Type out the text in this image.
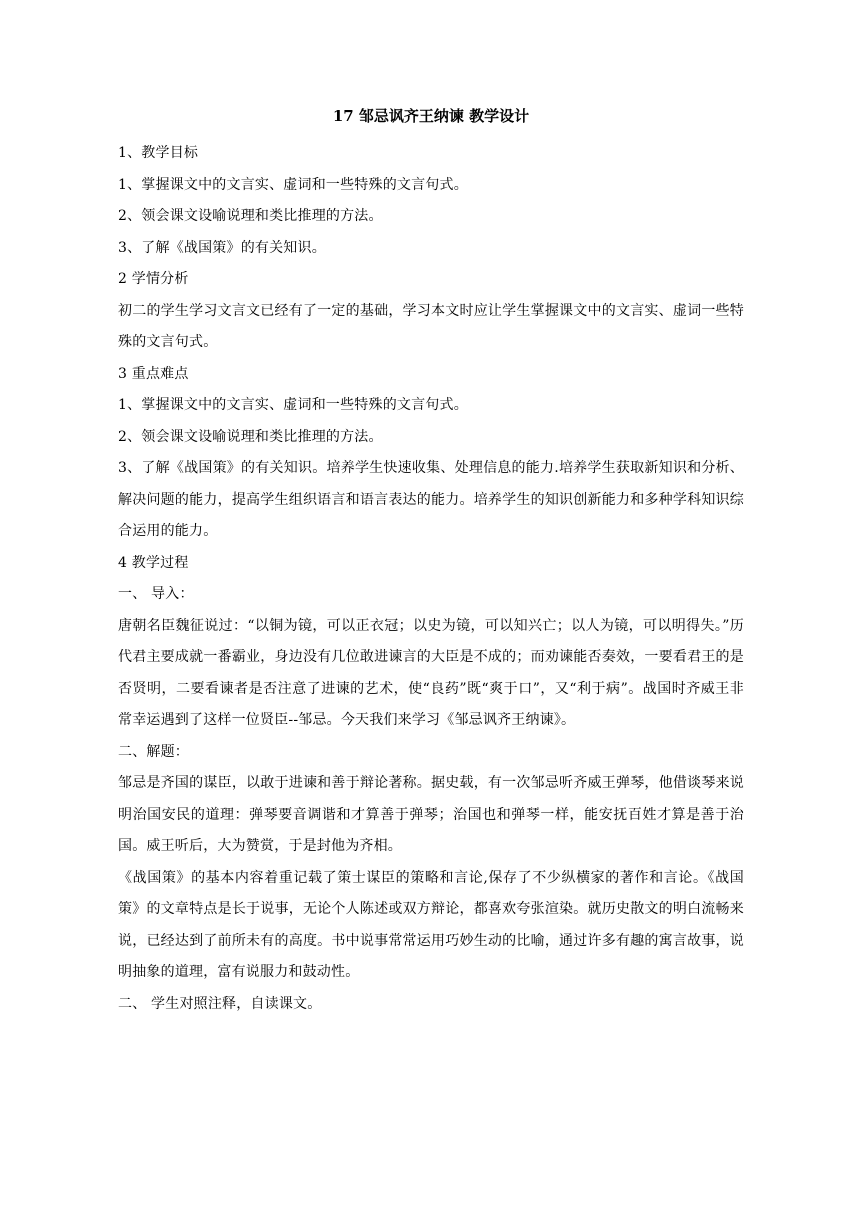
17 邹忌讽齐王纳谏 教学设计
1、教学目标
1、掌握课文中的文言实、虚词和一些特殊的文言句式。
2、领会课文设喻说理和类比推理的方法。
3、了解《战国策》的有关知识。
2 学情分析
初二的学生学习文言文已经有了一定的基础，学习本文时应让学生掌握课文中的文言实、虚词一些特殊的文言句式。
3 重点难点
1、掌握课文中的文言实、虚词和一些特殊的文言句式。
2、领会课文设喻说理和类比推理的方法。
3、了解《战国策》的有关知识。培养学生快速收集、处理信息的能力.培养学生获取新知识和分析、解决问题的能力，提高学生组织语言和语言表达的能力。培养学生的知识创新能力和多种学科知识综合运用的能力。
4 教学过程
一、 导入：
唐朝名臣魏征说过：“以铜为镜，可以正衣冠；以史为镜，可以知兴亡；以人为镜，可以明得失。”历代君主要成就一番霸业，身边没有几位敢进谏言的大臣是不成的；而劝谏能否奏效，一要看君王的是否贤明，二要看谏者是否注意了进谏的艺术，使“良药”既“爽于口”，又“利于病”。战国时齐威王非常幸运遇到了这样一位贤臣--邹忌。今天我们来学习《邹忌讽齐王纳谏》。
二、解题：
邹忌是齐国的谋臣，以敢于进谏和善于辩论著称。据史载，有一次邹忌听齐威王弹琴，他借谈琴来说明治国安民的道理：弹琴要音调谐和才算善于弹琴；治国也和弹琴一样，能安抚百姓才算是善于治国。威王听后，大为赞赏，于是封他为齐相。
《战国策》的基本内容着重记载了策士谋臣的策略和言论,保存了不少纵横家的著作和言论。《战国策》的文章特点是长于说事，无论个人陈述或双方辩论，都喜欢夸张渲染。就历史散文的明白流畅来说，已经达到了前所未有的高度。书中说事常常运用巧妙生动的比喻，通过许多有趣的寓言故事，说明抽象的道理，富有说服力和鼓动性。
二、 学生对照注释，自读课文。
